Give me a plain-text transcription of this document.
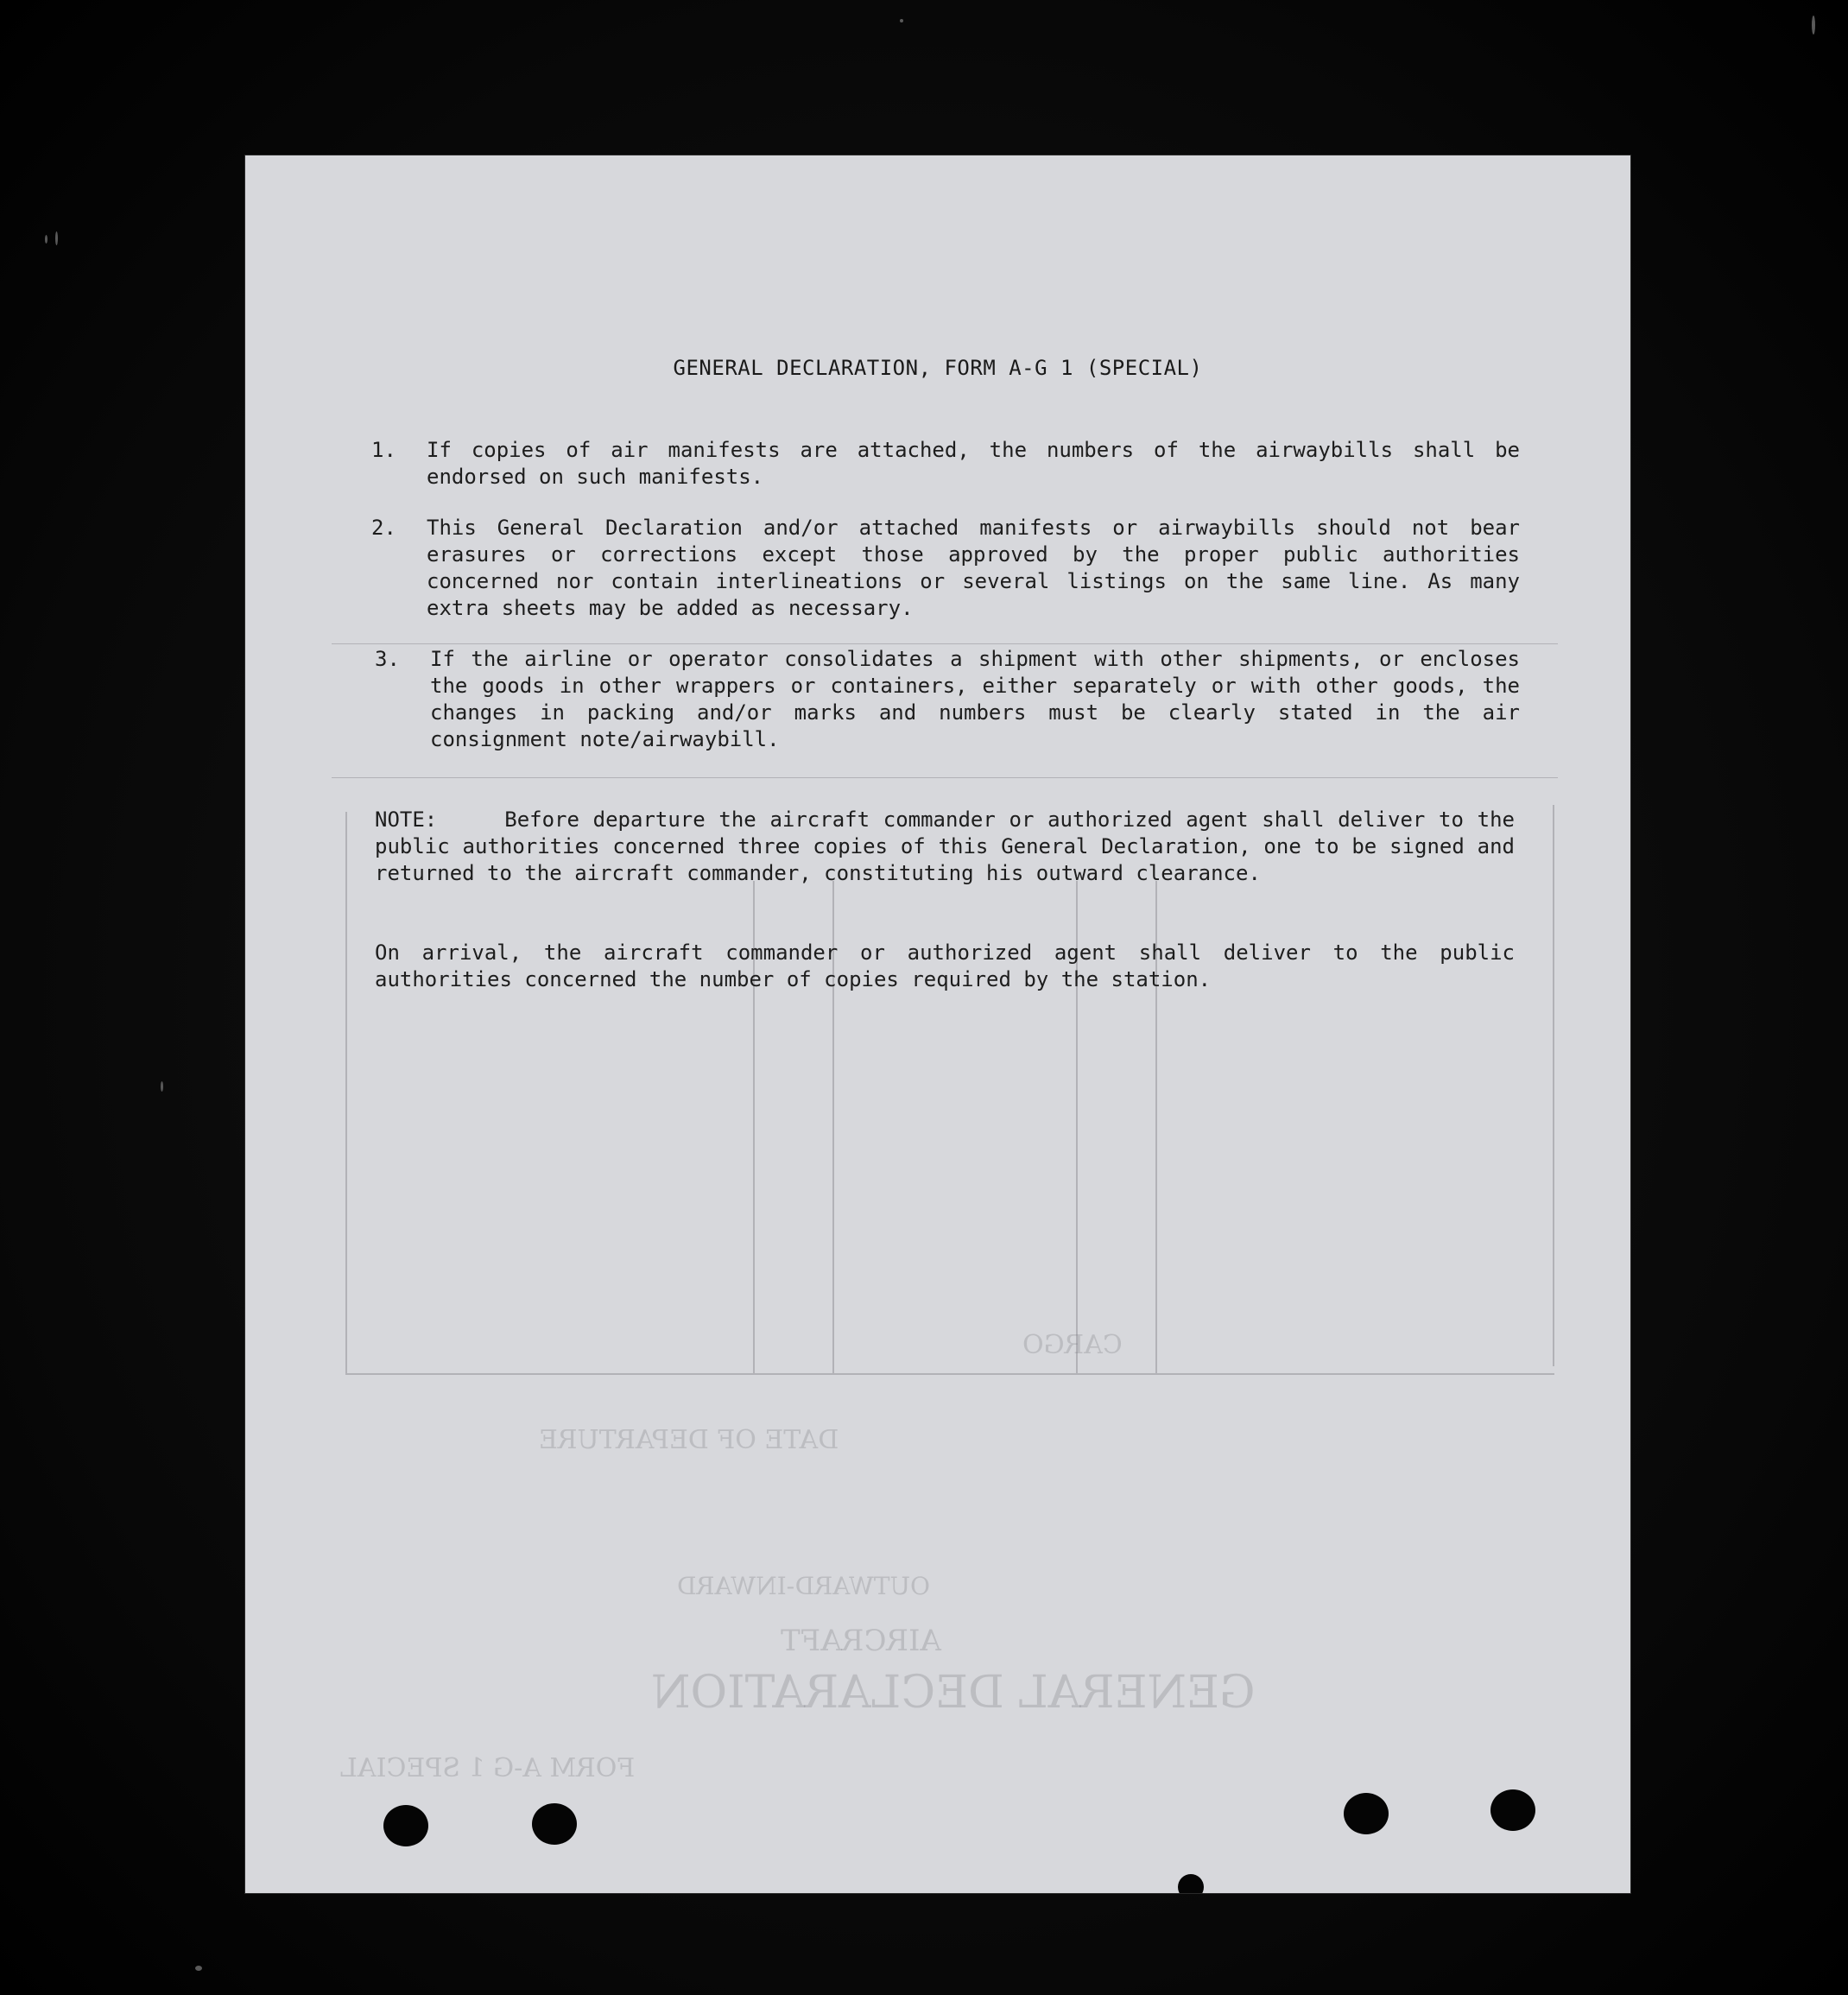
GENERAL DECLARATION
AIRCRAFT
OUTWARD-INWARD
DATE OF DEPARTURE
FORM A-G 1 SPECIAL
CARGO
GENERAL DECLARATION, FORM A-G 1 (SPECIAL)
1.	If copies of air manifests are attached, the numbers of the airwaybills shall be endorsed on such manifests.
2.	This General Declaration and/or attached manifests or airwaybills should not bear erasures or corrections except those approved by the proper public authorities concerned nor contain interlineations or several listings on the same line. As many extra sheets may be added as necessary.
3.	If the airline or operator consolidates a shipment with other shipments, or encloses the goods in other wrappers or containers, either separately or with other goods, the changes in packing and/or marks and numbers must be clearly stated in the air consignment note/airwaybill.
NOTE:	Before departure the aircraft commander or authorized agent shall deliver to the public authorities concerned three copies of this General Declaration, one to be signed and returned to the aircraft commander, constituting his outward clearance.
On arrival, the aircraft commander or authorized agent shall deliver to the public authorities concerned the number of copies required by the station.
